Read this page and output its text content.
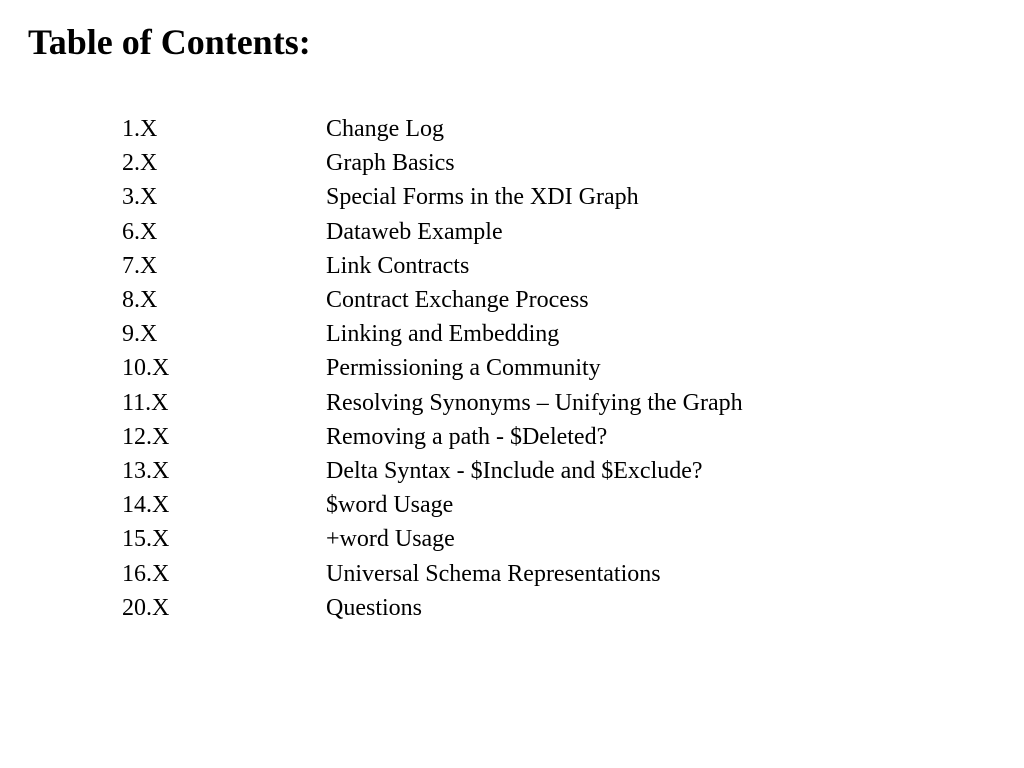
Table of Contents:
1.X	Change Log
2.X	Graph Basics
3.X	Special Forms in the XDI Graph
6.X	Dataweb Example
7.X	Link Contracts
8.X	Contract Exchange Process
9.X	Linking and Embedding
10.X	Permissioning a Community
11.X	Resolving Synonyms – Unifying the Graph
12.X	Removing a path - $Deleted?
13.X	Delta Syntax - $Include and $Exclude?
14.X	$word Usage
15.X	+word Usage
16.X	Universal Schema Representations
20.X	Questions
